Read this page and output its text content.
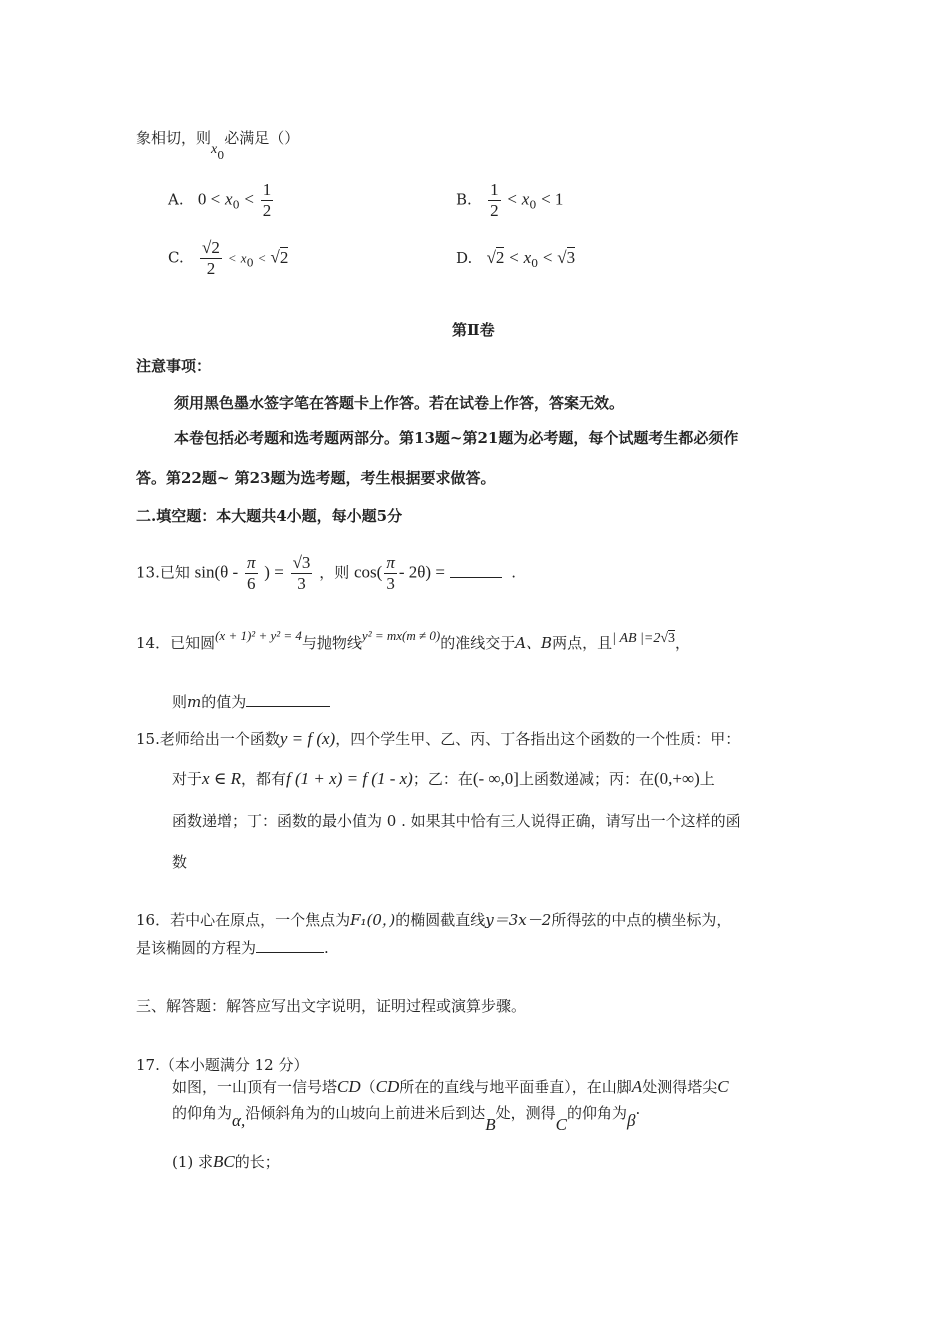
象相切，则$x_0$必满足（）
A. $0 < x_0 < \frac{1}{2}$	B. $\frac{1}{2} < x_0 < 1$
C. $\frac{√2}{2} < x_0 < √2$	D. $√2 < x_0 < √3$
第Ⅱ卷
注意事项：
须用黑色墨水签字笔在答题卡上作答。若在试卷上作答，答案无效。
本卷包括必考题和选考题两部分。第13题~第21题为必考题，每个试题考生都必须作
答。第22题~ 第23题为选考题，考生根据要求做答。
二.填空题：本大题共4小题，每小题5分
13.已知 $\sin(\theta - \frac{\pi}{6}$ ) = $\frac{√3}{3}$ ，则 $\cos( \frac{\pi}{3} - 2\theta)$ =	.
14．已知圆(x + 1)² + y² = 4与抛物线y² = mx(m ≠ 0)的准线交于A、B两点，且| AB |=2√3，
则m的值为
15.老师给出一个函数y = f (x)，四个学生甲、乙、丙、丁各指出这个函数的一个性质：甲：
对于x ∈ R，都有f (1 + x) = f (1 - x)；乙：在(- ∞,0]上函数递减；丙：在(0,+∞)上
函数递增；丁：函数的最小值为 0 . 如果其中恰有三人说得正确，请写出一个这样的函
数
16．若中心在原点，一个焦点为F₁(0，)的椭圆截直线y＝3x－2所得弦的中点的横坐标为，
是该椭圆的方程为	.
三、解答题：解答应写出文字说明，证明过程或演算步骤。
17.（本小题满分 12 分）
如图，一山顶有一信号塔CD（CD所在的直线与地平面垂直），在山脚A处测得塔尖C
的仰角为α,沿倾斜角为的山坡向上前进米后到达B处，测得C的仰角为β·
(1) 求BC的长；
